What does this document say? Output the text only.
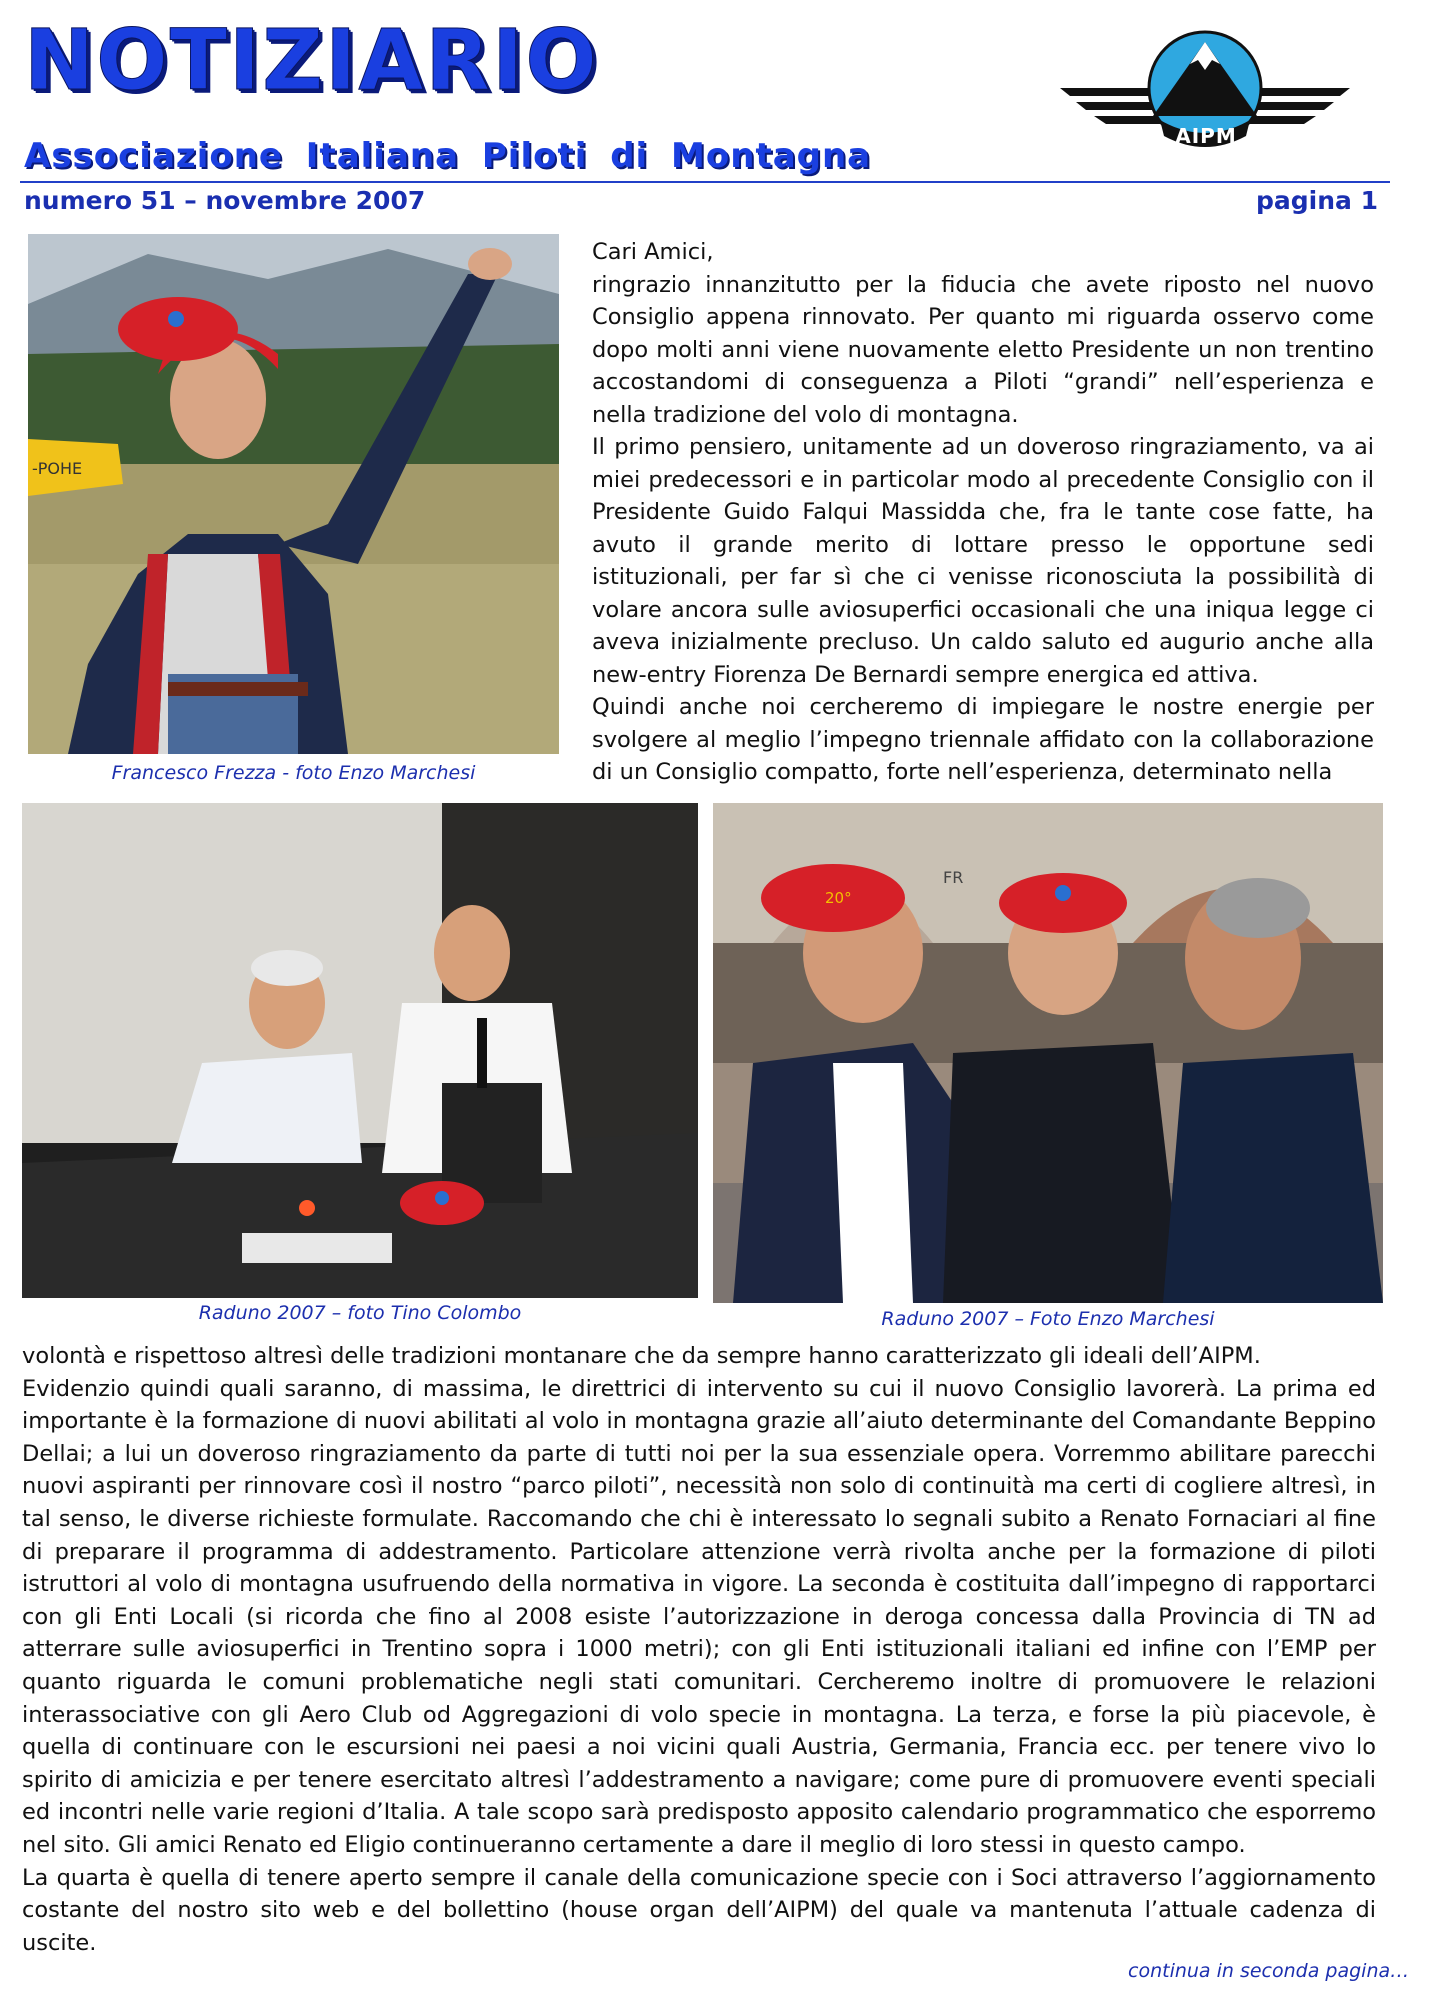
NOTIZIARIO
Associazione Italiana Piloti di Montagna	AIPM
numero 51 – novembre 2007	pagina 1
-POHE
Francesco Frezza - foto Enzo Marchesi

Cari Amici,

ringrazio innanzitutto per la fiducia che avete riposto nel nuovo Consiglio appena rinnovato. Per quanto mi riguarda osservo come dopo molti anni viene nuovamente eletto Presidente un non trentino accostandomi di conseguenza a Piloti “grandi” nell’esperienza e nella tradizione del volo di montagna.

Il primo pensiero, unitamente ad un doveroso ringraziamento, va ai miei predecessori e in particolar modo al precedente Consiglio con il Presidente Guido Falqui Massidda che, fra le tante cose fatte, ha avuto il grande merito di lottare presso le opportune sedi istituzionali, per far sì che ci venisse riconosciuta la possibilità di volare ancora sulle aviosuperfici occasionali che una iniqua legge ci aveva inizialmente precluso. Un caldo saluto ed augurio anche alla new-entry Fiorenza De Bernardi sempre energica ed attiva.

Quindi anche noi cercheremo di impiegare le nostre energie per svolgere al meglio l’impegno triennale affidato con la collaborazione di un Consiglio compatto, forte nell’esperienza, determinato nella

Raduno 2007 – foto Tino Colombo
FR
20°
Raduno 2007 – Foto Enzo Marchesi

volontà e rispettoso altresì delle tradizioni montanare che da sempre hanno caratterizzato gli ideali dell’AIPM.

Evidenzio quindi quali saranno, di massima, le direttrici di intervento su cui il nuovo Consiglio lavorerà. La prima ed importante è la formazione di nuovi abilitati al volo in montagna grazie all’aiuto determinante del Comandante Beppino Dellai; a lui un doveroso ringraziamento da parte di tutti noi per la sua essenziale opera. Vorremmo abilitare parecchi nuovi aspiranti per rinnovare così il nostro “parco piloti”, necessità non solo di continuità ma certi di cogliere altresì, in tal senso, le diverse richieste formulate. Raccomando che chi è interessato lo segnali subito a Renato Fornaciari al fine di preparare il programma di addestramento. Particolare attenzione verrà rivolta anche per la formazione di piloti istruttori al volo di montagna usufruendo della normativa in vigore. La seconda è costituita dall’impegno di rapportarci con gli Enti Locali (si ricorda che fino al 2008 esiste l’autorizzazione in deroga concessa dalla Provincia di TN ad atterrare sulle aviosuperfici in Trentino sopra i 1000 metri); con gli Enti istituzionali italiani ed infine con l’EMP per quanto riguarda le comuni problematiche negli stati comunitari. Cercheremo inoltre di promuovere le relazioni interassociative con gli Aero Club od Aggregazioni di volo specie in montagna. La terza, e forse la più piacevole, è quella di continuare con le escursioni nei paesi a noi vicini quali Austria, Germania, Francia ecc. per tenere vivo lo spirito di amicizia e per tenere esercitato altresì l’addestramento a navigare; come pure di promuovere eventi speciali ed incontri nelle varie regioni d’Italia. A tale scopo sarà predisposto apposito calendario programmatico che esporremo nel sito. Gli amici Renato ed Eligio continueranno certamente a dare il meglio di loro stessi in questo campo.

La quarta è quella di tenere aperto sempre il canale della comunicazione specie con i Soci attraverso l’aggiornamento costante del nostro sito web e del bollettino (house organ dell’AIPM) del quale va mantenuta l’attuale cadenza di uscite.

continua in seconda pagina…
